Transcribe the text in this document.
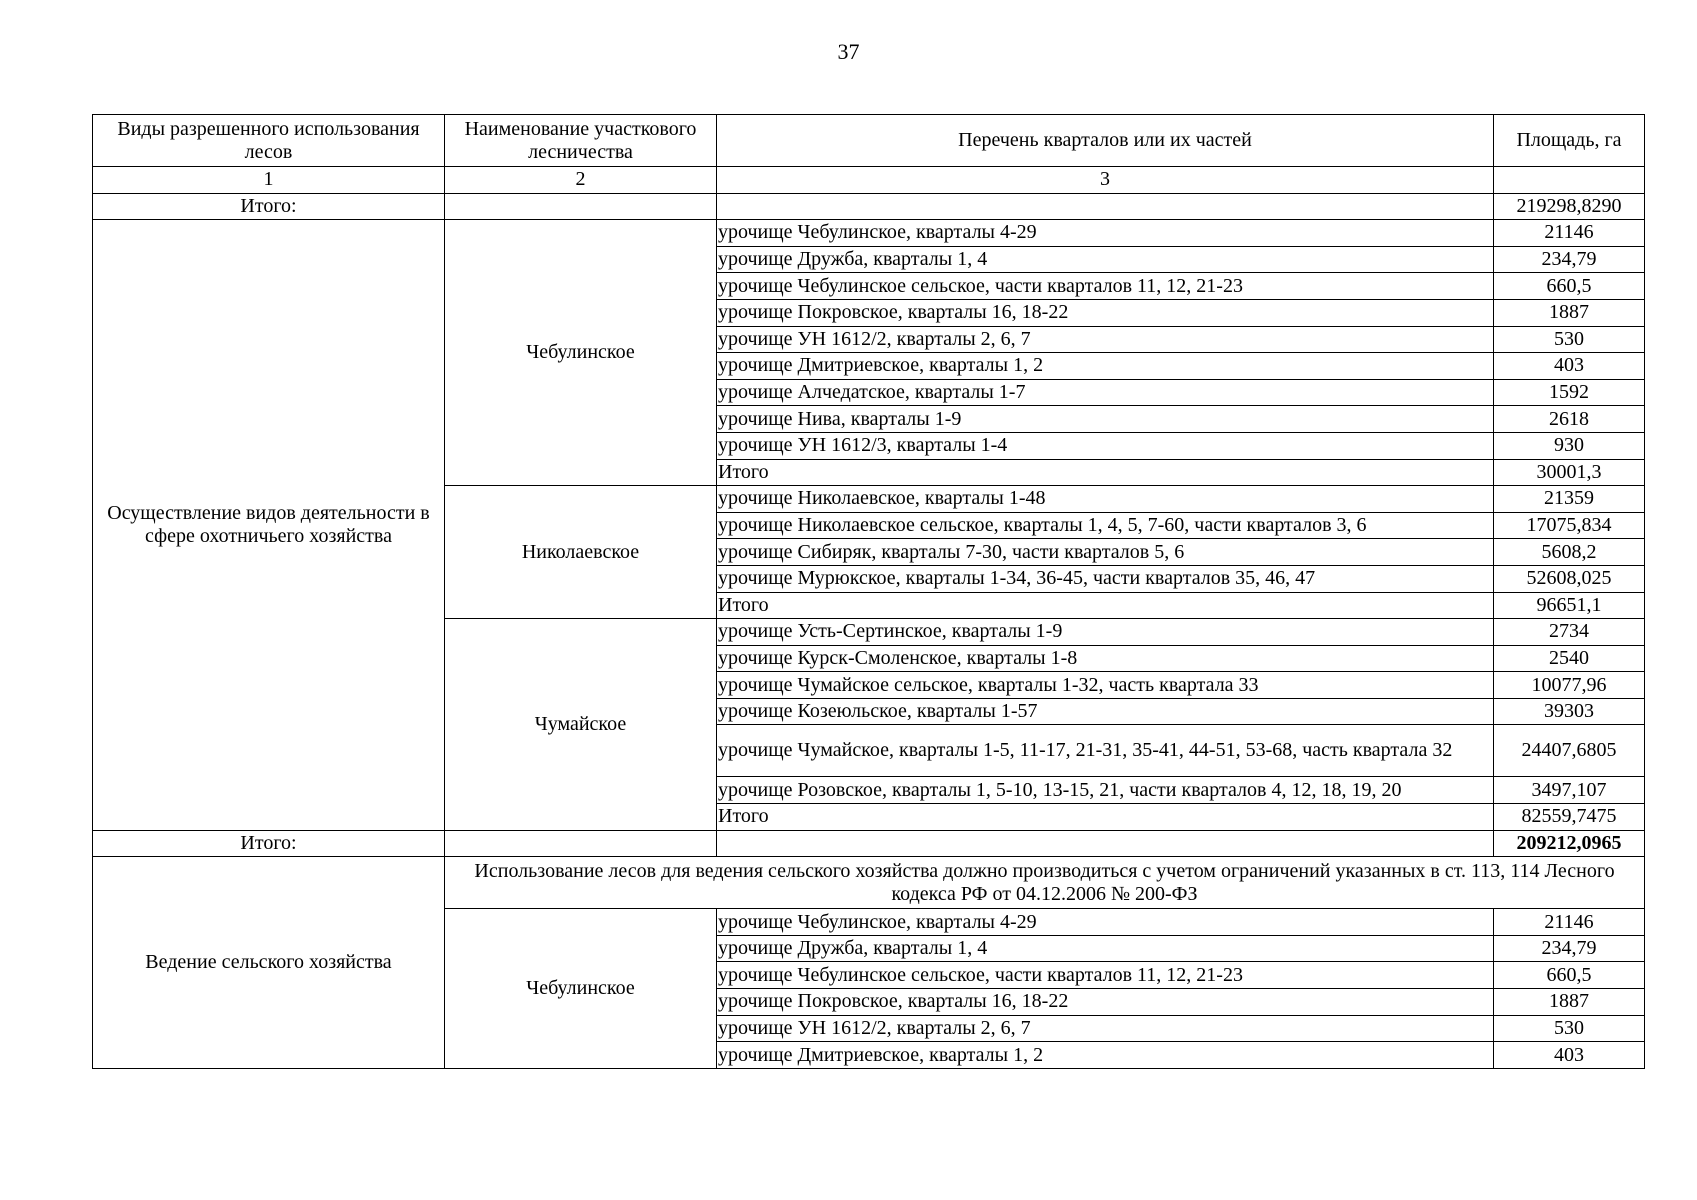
37
Виды разрешенного использования лесов	Наименование участкового лесничества	Перечень кварталов или их частей	Площадь, га
1	2	3	
Итого:			219298,8290
Осуществление видов деятельности в сфере охотничьего хозяйства	Чебулинское	урочище Чебулинское, кварталы 4-29	21146
		урочище Дружба, кварталы 1, 4	234,79
		урочище Чебулинское сельское, части кварталов 11, 12, 21-23	660,5
		урочище Покровское, кварталы 16, 18-22	1887
		урочище УН 1612/2, кварталы 2, 6, 7	530
		урочище Дмитриевское, кварталы 1, 2	403
		урочище Алчедатское, кварталы 1-7	1592
		урочище Нива, кварталы 1-9	2618
		урочище УН 1612/3, кварталы 1-4	930
		Итого	30001,3
	Николаевское	урочище Николаевское, кварталы 1-48	21359
		урочище Николаевское сельское, кварталы 1, 4, 5, 7-60, части кварталов 3, 6	17075,834
		урочище Сибиряк, кварталы 7-30, части кварталов 5, 6	5608,2
		урочище Мурюкское, кварталы 1-34, 36-45, части кварталов 35, 46, 47	52608,025
		Итого	96651,1
	Чумайское	урочище Усть-Сертинское, кварталы 1-9	2734
		урочище Курск-Смоленское, кварталы 1-8	2540
		урочище Чумайское сельское, кварталы 1-32, часть квартала 33	10077,96
		урочище Козеюльское, кварталы 1-57	39303
		урочище Чумайское, кварталы 1-5, 11-17, 21-31, 35-41, 44-51, 53-68, часть квартала 32	24407,6805
		урочище Розовское, кварталы 1, 5-10, 13-15, 21, части кварталов 4, 12, 18, 19, 20	3497,107
		Итого	82559,7475
Итого:			209212,0965
Ведение сельского хозяйства	Использование лесов для ведения сельского хозяйства должно производиться с учетом ограничений указанных в ст. 113, 114 Лесного кодекса РФ от 04.12.2006 № 200-ФЗ		
	Чебулинское	урочище Чебулинское, кварталы 4-29	21146
		урочище Дружба, кварталы 1, 4	234,79
		урочище Чебулинское сельское, части кварталов 11, 12, 21-23	660,5
		урочище Покровское, кварталы 16, 18-22	1887
		урочище УН 1612/2, кварталы 2, 6, 7	530
		урочище Дмитриевское, кварталы 1, 2	403
